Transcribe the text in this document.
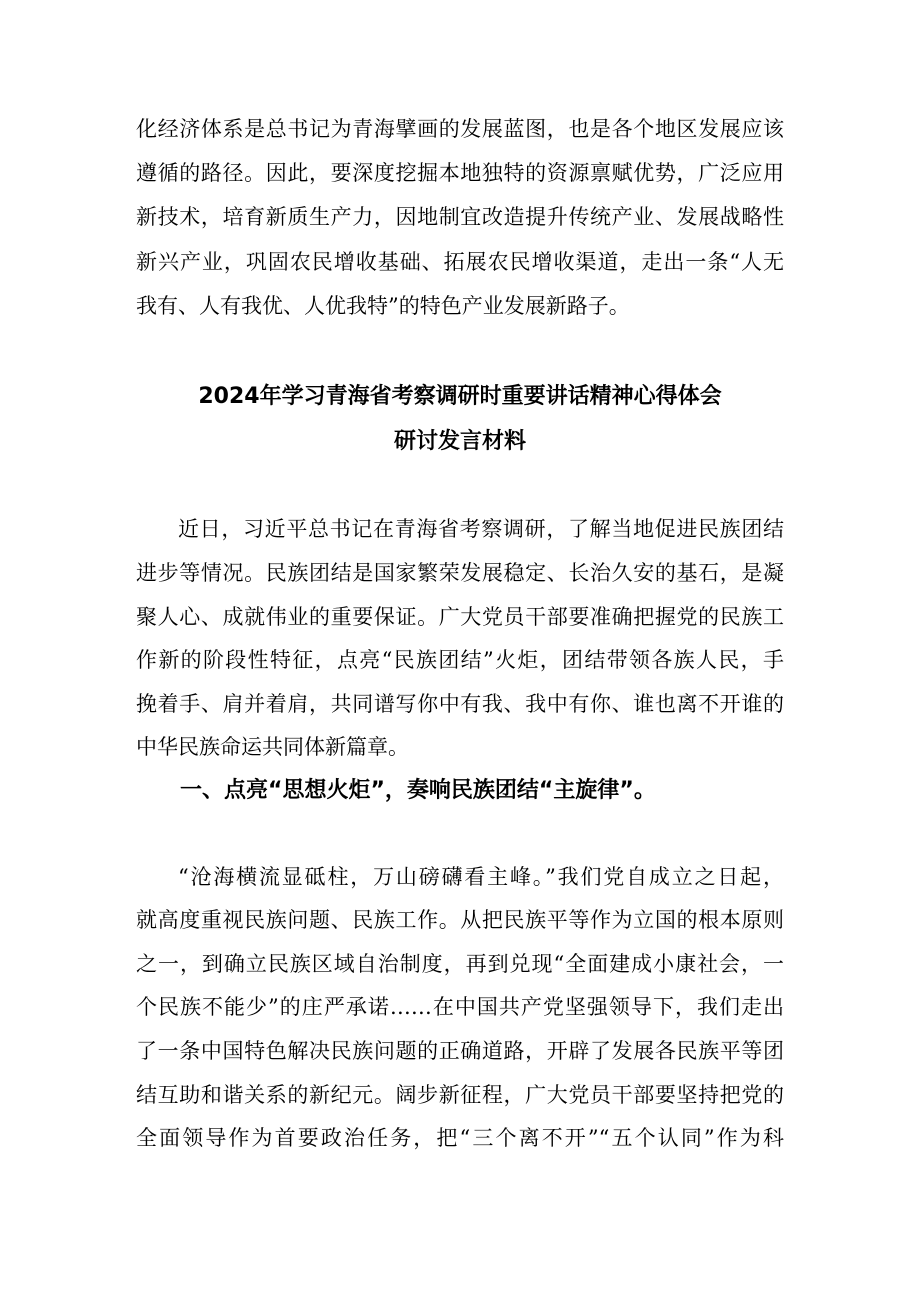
化经济体系是总书记为青海擘画的发展蓝图，也是各个地区发展应该
遵循的路径。因此，要深度挖掘本地独特的资源禀赋优势，广泛应用
新技术，培育新质生产力，因地制宜改造提升传统产业、发展战略性
新兴产业，巩固农民增收基础、拓展农民增收渠道，走出一条“人无
我有、人有我优、人优我特”的特色产业发展新路子。
2024年学习青海省考察调研时重要讲话精神心得体会
研讨发言材料
近日，习近平总书记在青海省考察调研，了解当地促进民族团结
进步等情况。民族团结是国家繁荣发展稳定、长治久安的基石，是凝
聚人心、成就伟业的重要保证。广大党员干部要准确把握党的民族工
作新的阶段性特征，点亮“民族团结”火炬，团结带领各族人民，手
挽着手、肩并着肩，共同谱写你中有我、我中有你、谁也离不开谁的
中华民族命运共同体新篇章。
一、点亮“思想火炬”，奏响民族团结“主旋律”。
“沧海横流显砥柱，万山磅礴看主峰。”我们党自成立之日起，
就高度重视民族问题、民族工作。从把民族平等作为立国的根本原则
之一，到确立民族区域自治制度，再到兑现“全面建成小康社会，一
个民族不能少”的庄严承诺……在中国共产党坚强领导下，我们走出
了一条中国特色解决民族问题的正确道路，开辟了发展各民族平等团
结互助和谐关系的新纪元。阔步新征程，广大党员干部要坚持把党的
全面领导作为首要政治任务，把“三个离不开”“五个认同”作为科
